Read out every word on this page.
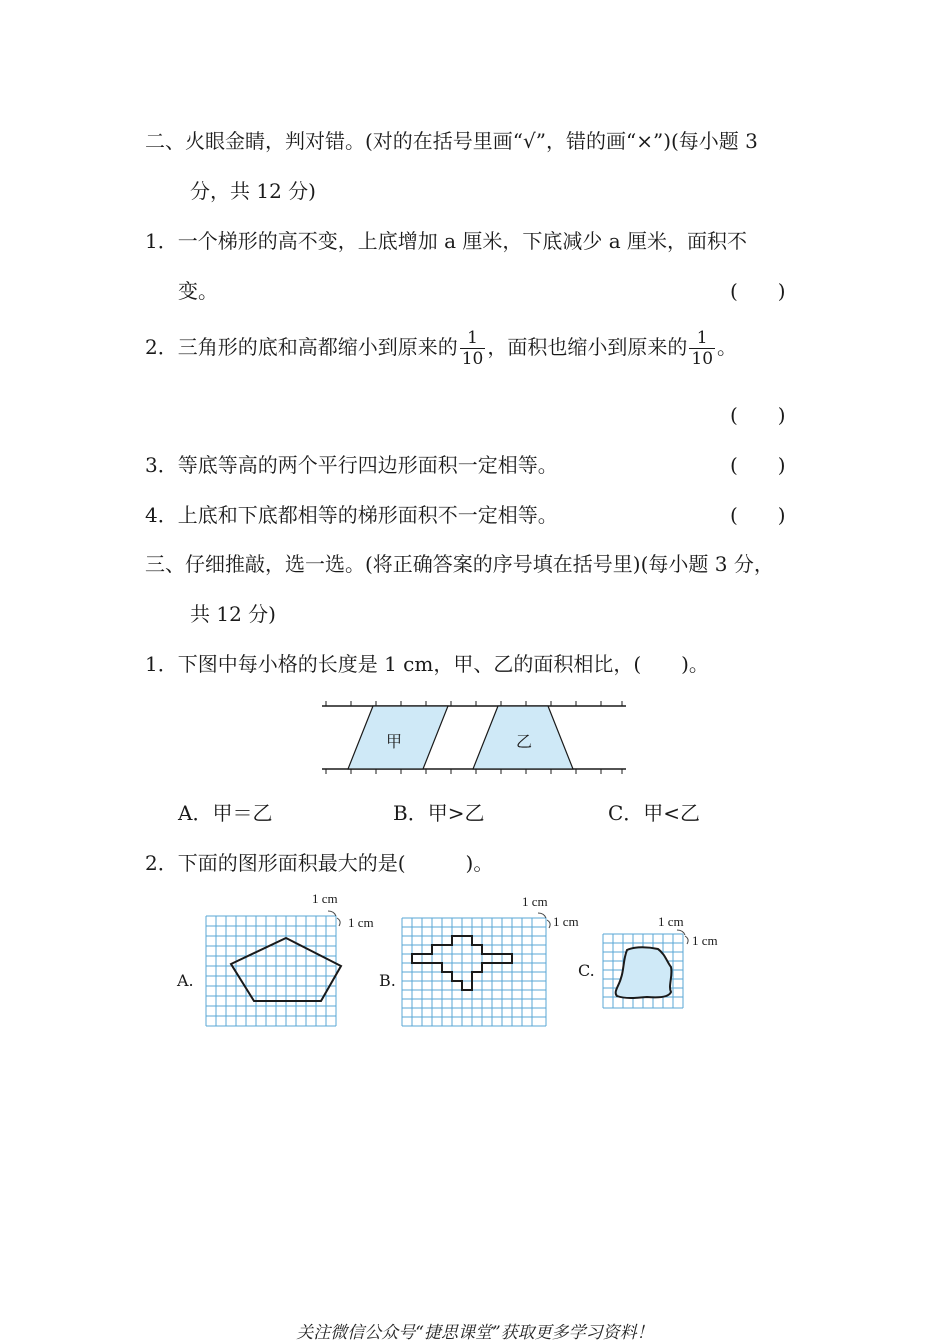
二、火眼金睛，判对错。(对的在括号里画“√”，错的画“×”)(每小题 3
分，共 12 分)
1．一个梯形的高不变，上底增加 a 厘米，下底减少 a 厘米，面积不
变。	(　　)
2．三角形的底和高都缩小到原来的 $\frac{1}{10}$ ，面积也缩小到原来的 $\frac{1}{10}$ 。
(　　)
3．等底等高的两个平行四边形面积一定相等。	(　　)
4．上底和下底都相等的梯形面积不一定相等。	(　　)
三、仔细推敲，选一选。(将正确答案的序号填在括号里)(每小题 3 分，
共 12 分)
1．下图中每小格的长度是 1 cm，甲、乙的面积相比，(　　)。
甲	乙
A．甲＝乙	B．甲>乙	C．甲<乙
2．下面的图形面积最大的是(　　　)。
A.
1 cm
1 cm
B.
1 cm
1 cm
C.
1 cm
1 cm
关注微信公众号“捷思课堂”获取更多学习资料！
